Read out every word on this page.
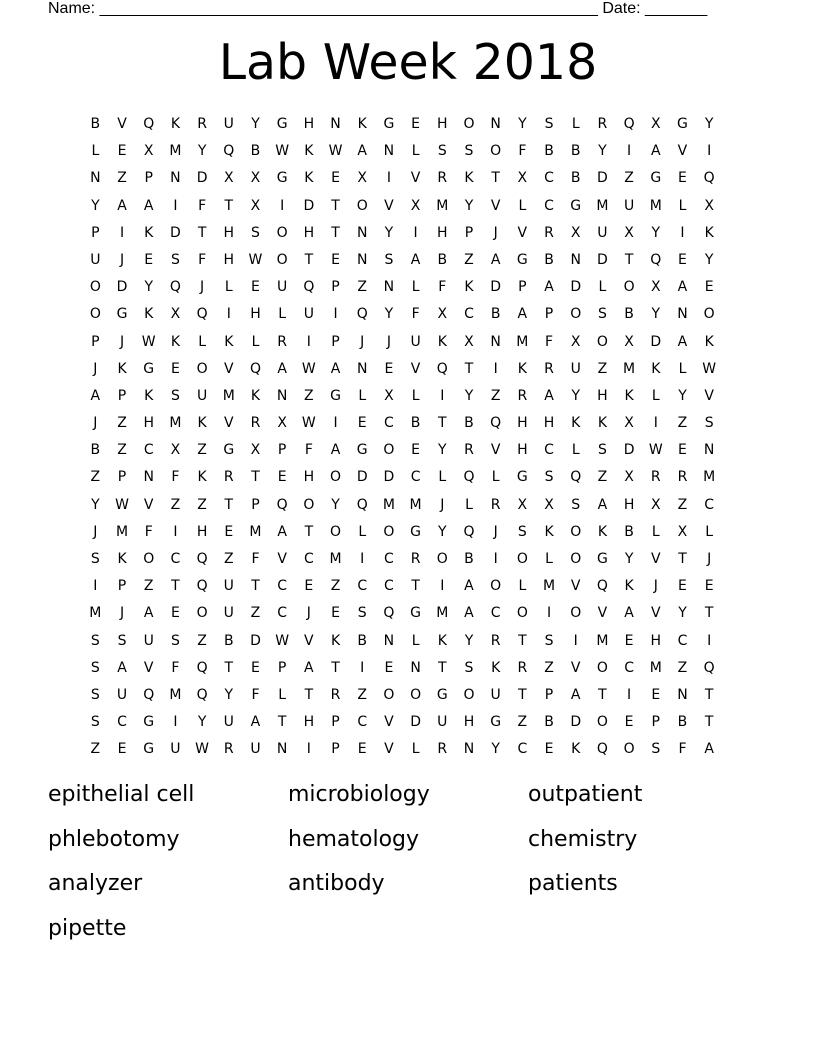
Name: ________________________________________________________ Date: _______
Lab Week 2018
B	V	Q	K	R	U	Y	G	H	N	K	G	E	H	O	N	Y	S	L	R	Q	X	G	Y
L	E	X	M	Y	Q	B	W	K	W	A	N	L	S	S	O	F	B	B	Y	I	A	V	I
N	Z	P	N	D	X	X	G	K	E	X	I	V	R	K	T	X	C	B	D	Z	G	E	Q
Y	A	A	I	F	T	X	I	D	T	O	V	X	M	Y	V	L	C	G	M	U	M	L	X
P	I	K	D	T	H	S	O	H	T	N	Y	I	H	P	J	V	R	X	U	X	Y	I	K
U	J	E	S	F	H	W	O	T	E	N	S	A	B	Z	A	G	B	N	D	T	Q	E	Y
O	D	Y	Q	J	L	E	U	Q	P	Z	N	L	F	K	D	P	A	D	L	O	X	A	E
O	G	K	X	Q	I	H	L	U	I	Q	Y	F	X	C	B	A	P	O	S	B	Y	N	O
P	J	W	K	L	K	L	R	I	P	J	J	U	K	X	N	M	F	X	O	X	D	A	K
J	K	G	E	O	V	Q	A	W	A	N	E	V	Q	T	I	K	R	U	Z	M	K	L	W
A	P	K	S	U	M	K	N	Z	G	L	X	L	I	Y	Z	R	A	Y	H	K	L	Y	V
J	Z	H	M	K	V	R	X	W	I	E	C	B	T	B	Q	H	H	K	K	X	I	Z	S
B	Z	C	X	Z	G	X	P	F	A	G	O	E	Y	R	V	H	C	L	S	D	W	E	N
Z	P	N	F	K	R	T	E	H	O	D	D	C	L	Q	L	G	S	Q	Z	X	R	R	M
Y	W	V	Z	Z	T	P	Q	O	Y	Q	M	M	J	L	R	X	X	S	A	H	X	Z	C
J	M	F	I	H	E	M	A	T	O	L	O	G	Y	Q	J	S	K	O	K	B	L	X	L
S	K	O	C	Q	Z	F	V	C	M	I	C	R	O	B	I	O	L	O	G	Y	V	T	J
I	P	Z	T	Q	U	T	C	E	Z	C	C	T	I	A	O	L	M	V	Q	K	J	E	E
M	J	A	E	O	U	Z	C	J	E	S	Q	G	M	A	C	O	I	O	V	A	V	Y	T
S	S	U	S	Z	B	D	W	V	K	B	N	L	K	Y	R	T	S	I	M	E	H	C	I
S	A	V	F	Q	T	E	P	A	T	I	E	N	T	S	K	R	Z	V	O	C	M	Z	Q
S	U	Q	M	Q	Y	F	L	T	R	Z	O	O	G	O	U	T	P	A	T	I	E	N	T
S	C	G	I	Y	U	A	T	H	P	C	V	D	U	H	G	Z	B	D	O	E	P	B	T
Z	E	G	U	W	R	U	N	I	P	E	V	L	R	N	Y	C	E	K	Q	O	S	F	A
epithelial cell	microbiology	outpatient
phlebotomy	hematology	chemistry
analyzer	antibody	patients
pipette
